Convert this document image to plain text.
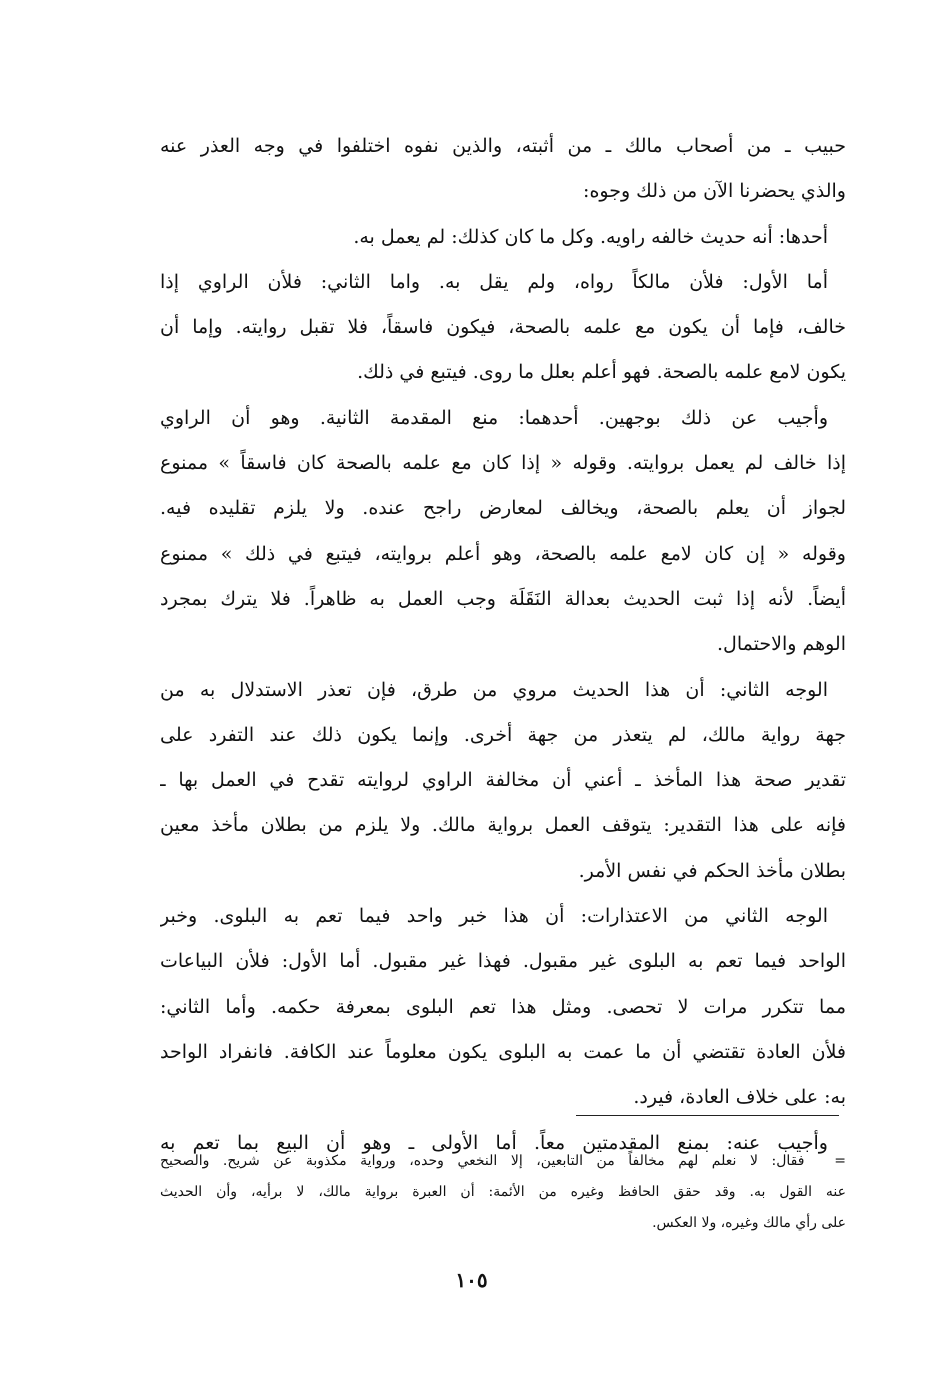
حبيب ـ من أصحاب مالك ـ من أثبته، والذين نفوه اختلفوا في وجه العذر عنه
والذي يحضرنا الآن من ذلك وجوه:
أحدها: أنه حديث خالفه راويه. وكل ما كان كذلك: لم يعمل به.
أما الأول: فلأن مالكاً رواه، ولم يقل به. واما الثاني: فلأن الراوي إذا
خالف، فإما أن يكون مع علمه بالصحة، فيكون فاسقاً، فلا تقبل روايته. وإما أن
يكون لامع علمه بالصحة. فهو أعلم بعلل ما روى. فيتبع في ذلك.
وأجيب عن ذلك بوجهين. أحدهما: منع المقدمة الثانية. وهو أن الراوي
إذا خالف لم يعمل بروايته. وقوله « إذا كان مع علمه بالصحة كان فاسقاً » ممنوع
لجواز أن يعلم بالصحة، ويخالف لمعارض راجح عنده. ولا يلزم تقليده فيه.
وقوله « إن كان لامع علمه بالصحة، وهو أعلم بروايته، فيتبع في ذلك » ممنوع
أيضاً. لأنه إذا ثبت الحديث بعدالة النَقَلَة وجب العمل به ظاهراً. فلا يترك بمجرد
الوهم والاحتمال.
الوجه الثاني: أن هذا الحديث مروي من طرق، فإن تعذر الاستدلال به من
جهة رواية مالك، لم يتعذر من جهة أخرى. وإنما يكون ذلك عند التفرد على
تقدير صحة هذا المأخذ ـ أعني أن مخالفة الراوي لروايته تقدح في العمل بها ـ
فإنه على هذا التقدير: يتوقف العمل برواية مالك. ولا يلزم من بطلان مأخذ معين
بطلان مأخذ الحكم في نفس الأمر.
الوجه الثاني من الاعتذارات: أن هذا خبر واحد فيما تعم به البلوى. وخبر
الواحد فيما تعم به البلوى غير مقبول. فهذا غير مقبول. أما الأول: فلأن البياعات
مما تتكرر مرات لا تحصى. ومثل هذا تعم البلوى بمعرفة حكمه. وأما الثاني:
فلأن العادة تقتضي أن ما عمت به البلوى يكون معلوماً عند الكافة. فانفراد الواحد
به: على خلاف العادة، فيرد.
وأجيب عنه: بمنع المقدمتين معاً. أما الأولى ـ وهو أن البيع بما تعم به
= فقال: لا نعلم لهم مخالفاً من التابعين، إلا النخعي وحده، ورواية مكذوبة عن شريح. والصحيح
عنه القول به. وقد حقق الحافظ وغيره من الأئمة: أن العبرة برواية مالك، لا برأيه، وأن الحديث
على رأي مالك وغيره، ولا العكس.
١٠٥
